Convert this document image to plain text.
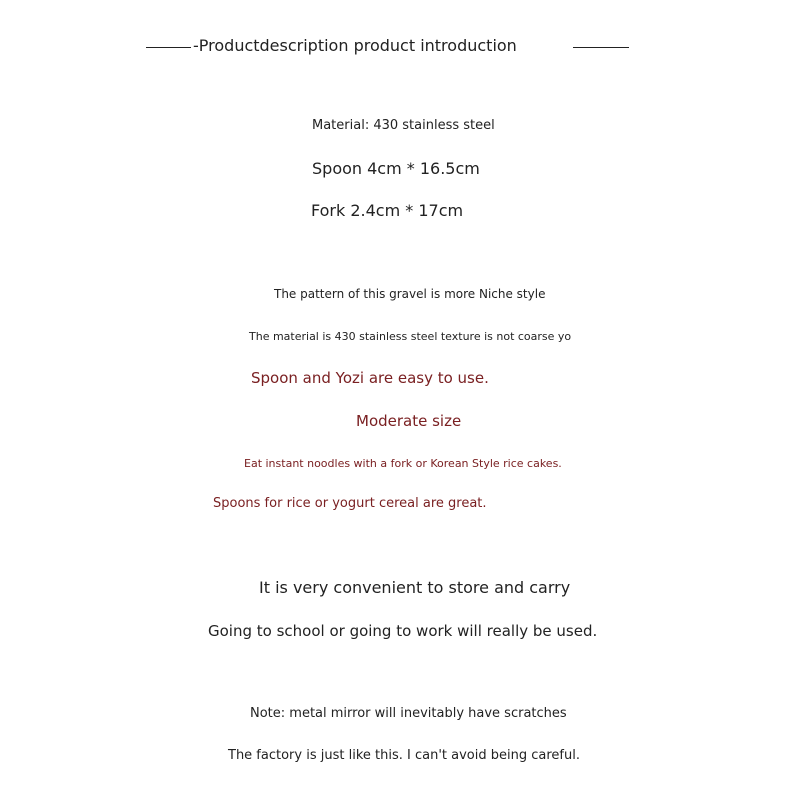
-Productdescription product introduction
Material: 430 stainless steel
Spoon 4cm * 16.5cm
Fork 2.4cm * 17cm
The pattern of this gravel is more Niche style
The material is 430 stainless steel texture is not coarse yo
Spoon and Yozi are easy to use.
Moderate size
Eat instant noodles with a fork or Korean Style rice cakes.
Spoons for rice or yogurt cereal are great.
It is very convenient to store and carry
Going to school or going to work will really be used.
Note: metal mirror will inevitably have scratches
The factory is just like this. I can't avoid being careful.
